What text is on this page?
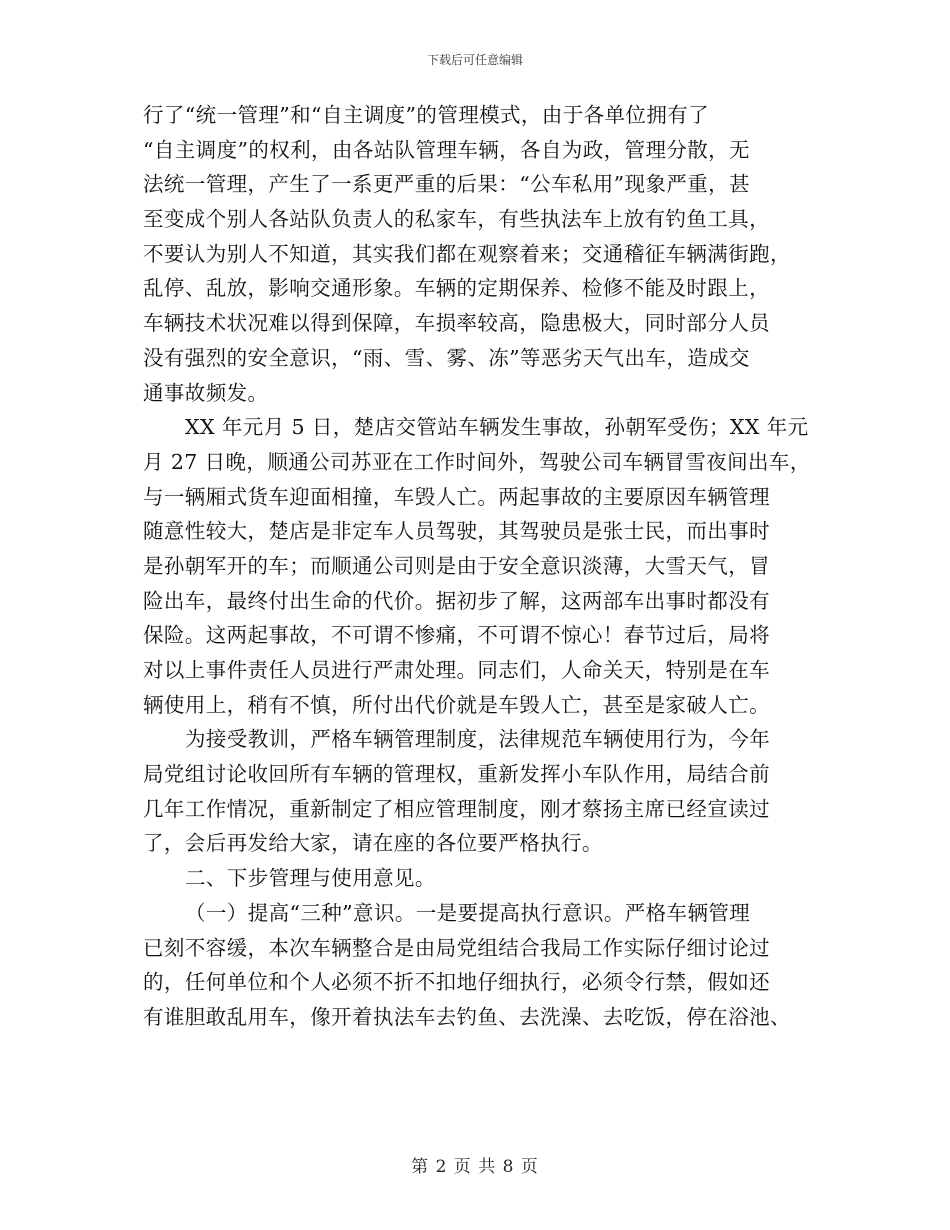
下载后可任意编辑
行了“统一管理”和“自主调度”的管理模式，由于各单位拥有了
“自主调度”的权利，由各站队管理车辆，各自为政，管理分散，无
法统一管理，产生了一系更严重的后果：“公车私用”现象严重，甚
至变成个别人各站队负责人的私家车，有些执法车上放有钓鱼工具，
不要认为别人不知道，其实我们都在观察着来；交通稽征车辆满街跑，
乱停、乱放，影响交通形象。车辆的定期保养、检修不能及时跟上，
车辆技术状况难以得到保障，车损率较高，隐患极大，同时部分人员
没有强烈的安全意识，“雨、雪、雾、冻”等恶劣天气出车，造成交
通事故频发。
XX 年元月 5 日，楚店交管站车辆发生事故，孙朝军受伤；XX 年元
月 27 日晚，顺通公司苏亚在工作时间外，驾驶公司车辆冒雪夜间出车，
与一辆厢式货车迎面相撞，车毁人亡。两起事故的主要原因车辆管理
随意性较大，楚店是非定车人员驾驶，其驾驶员是张士民，而出事时
是孙朝军开的车；而顺通公司则是由于安全意识淡薄，大雪天气，冒
险出车，最终付出生命的代价。据初步了解，这两部车出事时都没有
保险。这两起事故，不可谓不惨痛，不可谓不惊心！春节过后，局将
对以上事件责任人员进行严肃处理。同志们，人命关天，特别是在车
辆使用上，稍有不慎，所付出代价就是车毁人亡，甚至是家破人亡。
为接受教训，严格车辆管理制度，法律规范车辆使用行为，今年
局党组讨论收回所有车辆的管理权，重新发挥小车队作用，局结合前
几年工作情况，重新制定了相应管理制度，刚才蔡扬主席已经宣读过
了，会后再发给大家，请在座的各位要严格执行。
二、下步管理与使用意见。
（一）提高“三种”意识。一是要提高执行意识。严格车辆管理
已刻不容缓，本次车辆整合是由局党组结合我局工作实际仔细讨论过
的，任何单位和个人必须不折不扣地仔细执行，必须令行禁，假如还
有谁胆敢乱用车，像开着执法车去钓鱼、去洗澡、去吃饭，停在浴池、
第 2 页 共 8 页
